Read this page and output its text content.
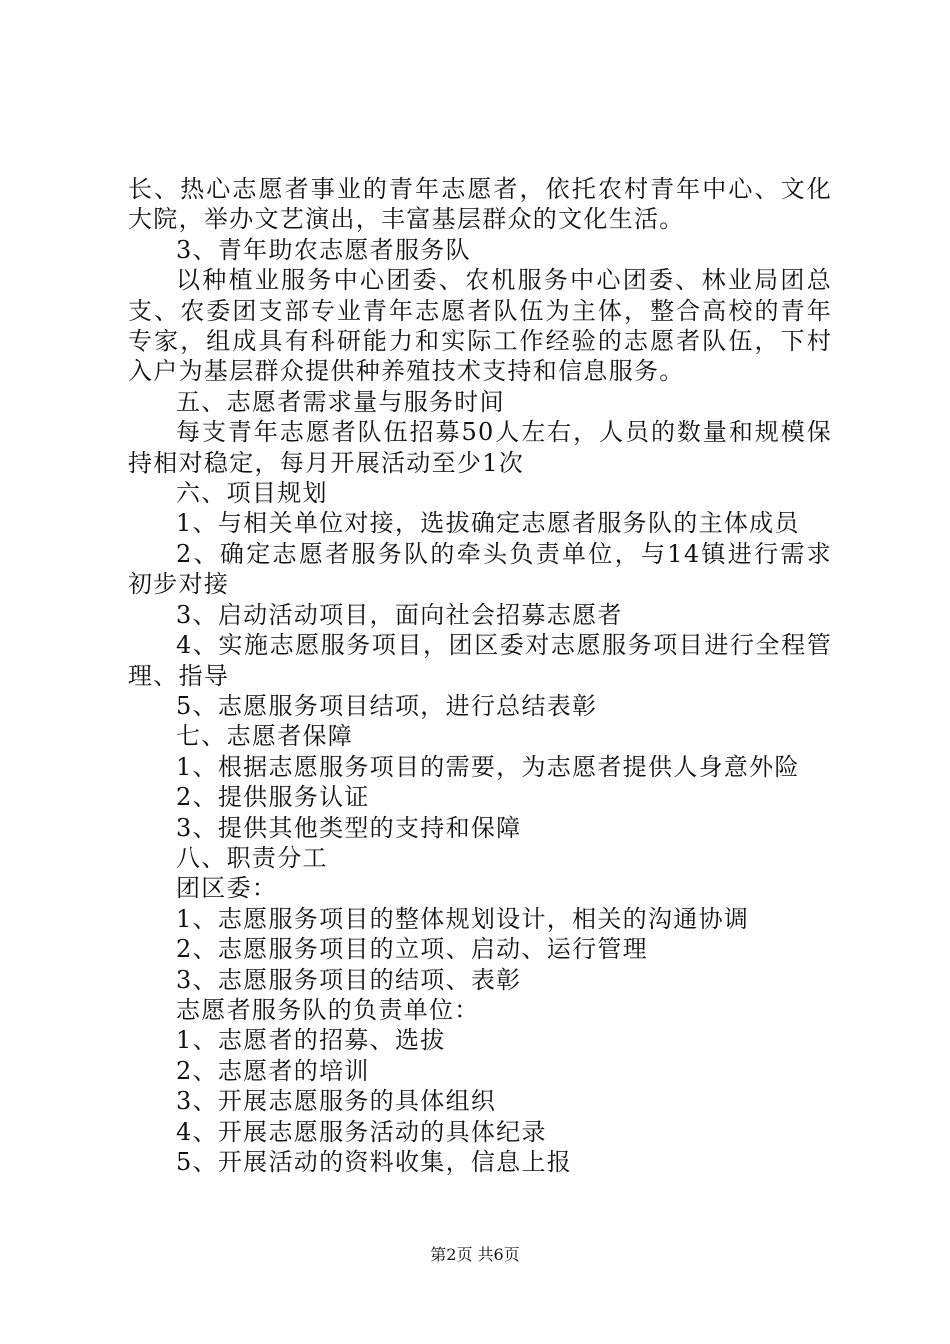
长、热心志愿者事业的青年志愿者，依托农村青年中心、文化大院，举办文艺演出，丰富基层群众的文化生活。

3、青年助农志愿者服务队

以种植业服务中心团委、农机服务中心团委、林业局团总支、农委团支部专业青年志愿者队伍为主体，整合高校的青年专家，组成具有科研能力和实际工作经验的志愿者队伍，下村入户为基层群众提供种养殖技术支持和信息服务。

五、志愿者需求量与服务时间

每支青年志愿者队伍招募50人左右，人员的数量和规模保持相对稳定，每月开展活动至少1次

六、项目规划

1、与相关单位对接，选拔确定志愿者服务队的主体成员

2、确定志愿者服务队的牵头负责单位，与14镇进行需求初步对接

3、启动活动项目，面向社会招募志愿者

4、实施志愿服务项目，团区委对志愿服务项目进行全程管理、指导

5、志愿服务项目结项，进行总结表彰

七、志愿者保障

1、根据志愿服务项目的需要，为志愿者提供人身意外险

2、提供服务认证

3、提供其他类型的支持和保障

八、职责分工

团区委：

1、志愿服务项目的整体规划设计，相关的沟通协调

2、志愿服务项目的立项、启动、运行管理

3、志愿服务项目的结项、表彰

志愿者服务队的负责单位：

1、志愿者的招募、选拔

2、志愿者的培训

3、开展志愿服务的具体组织

4、开展志愿服务活动的具体纪录

5、开展活动的资料收集，信息上报

第2页 共6页
